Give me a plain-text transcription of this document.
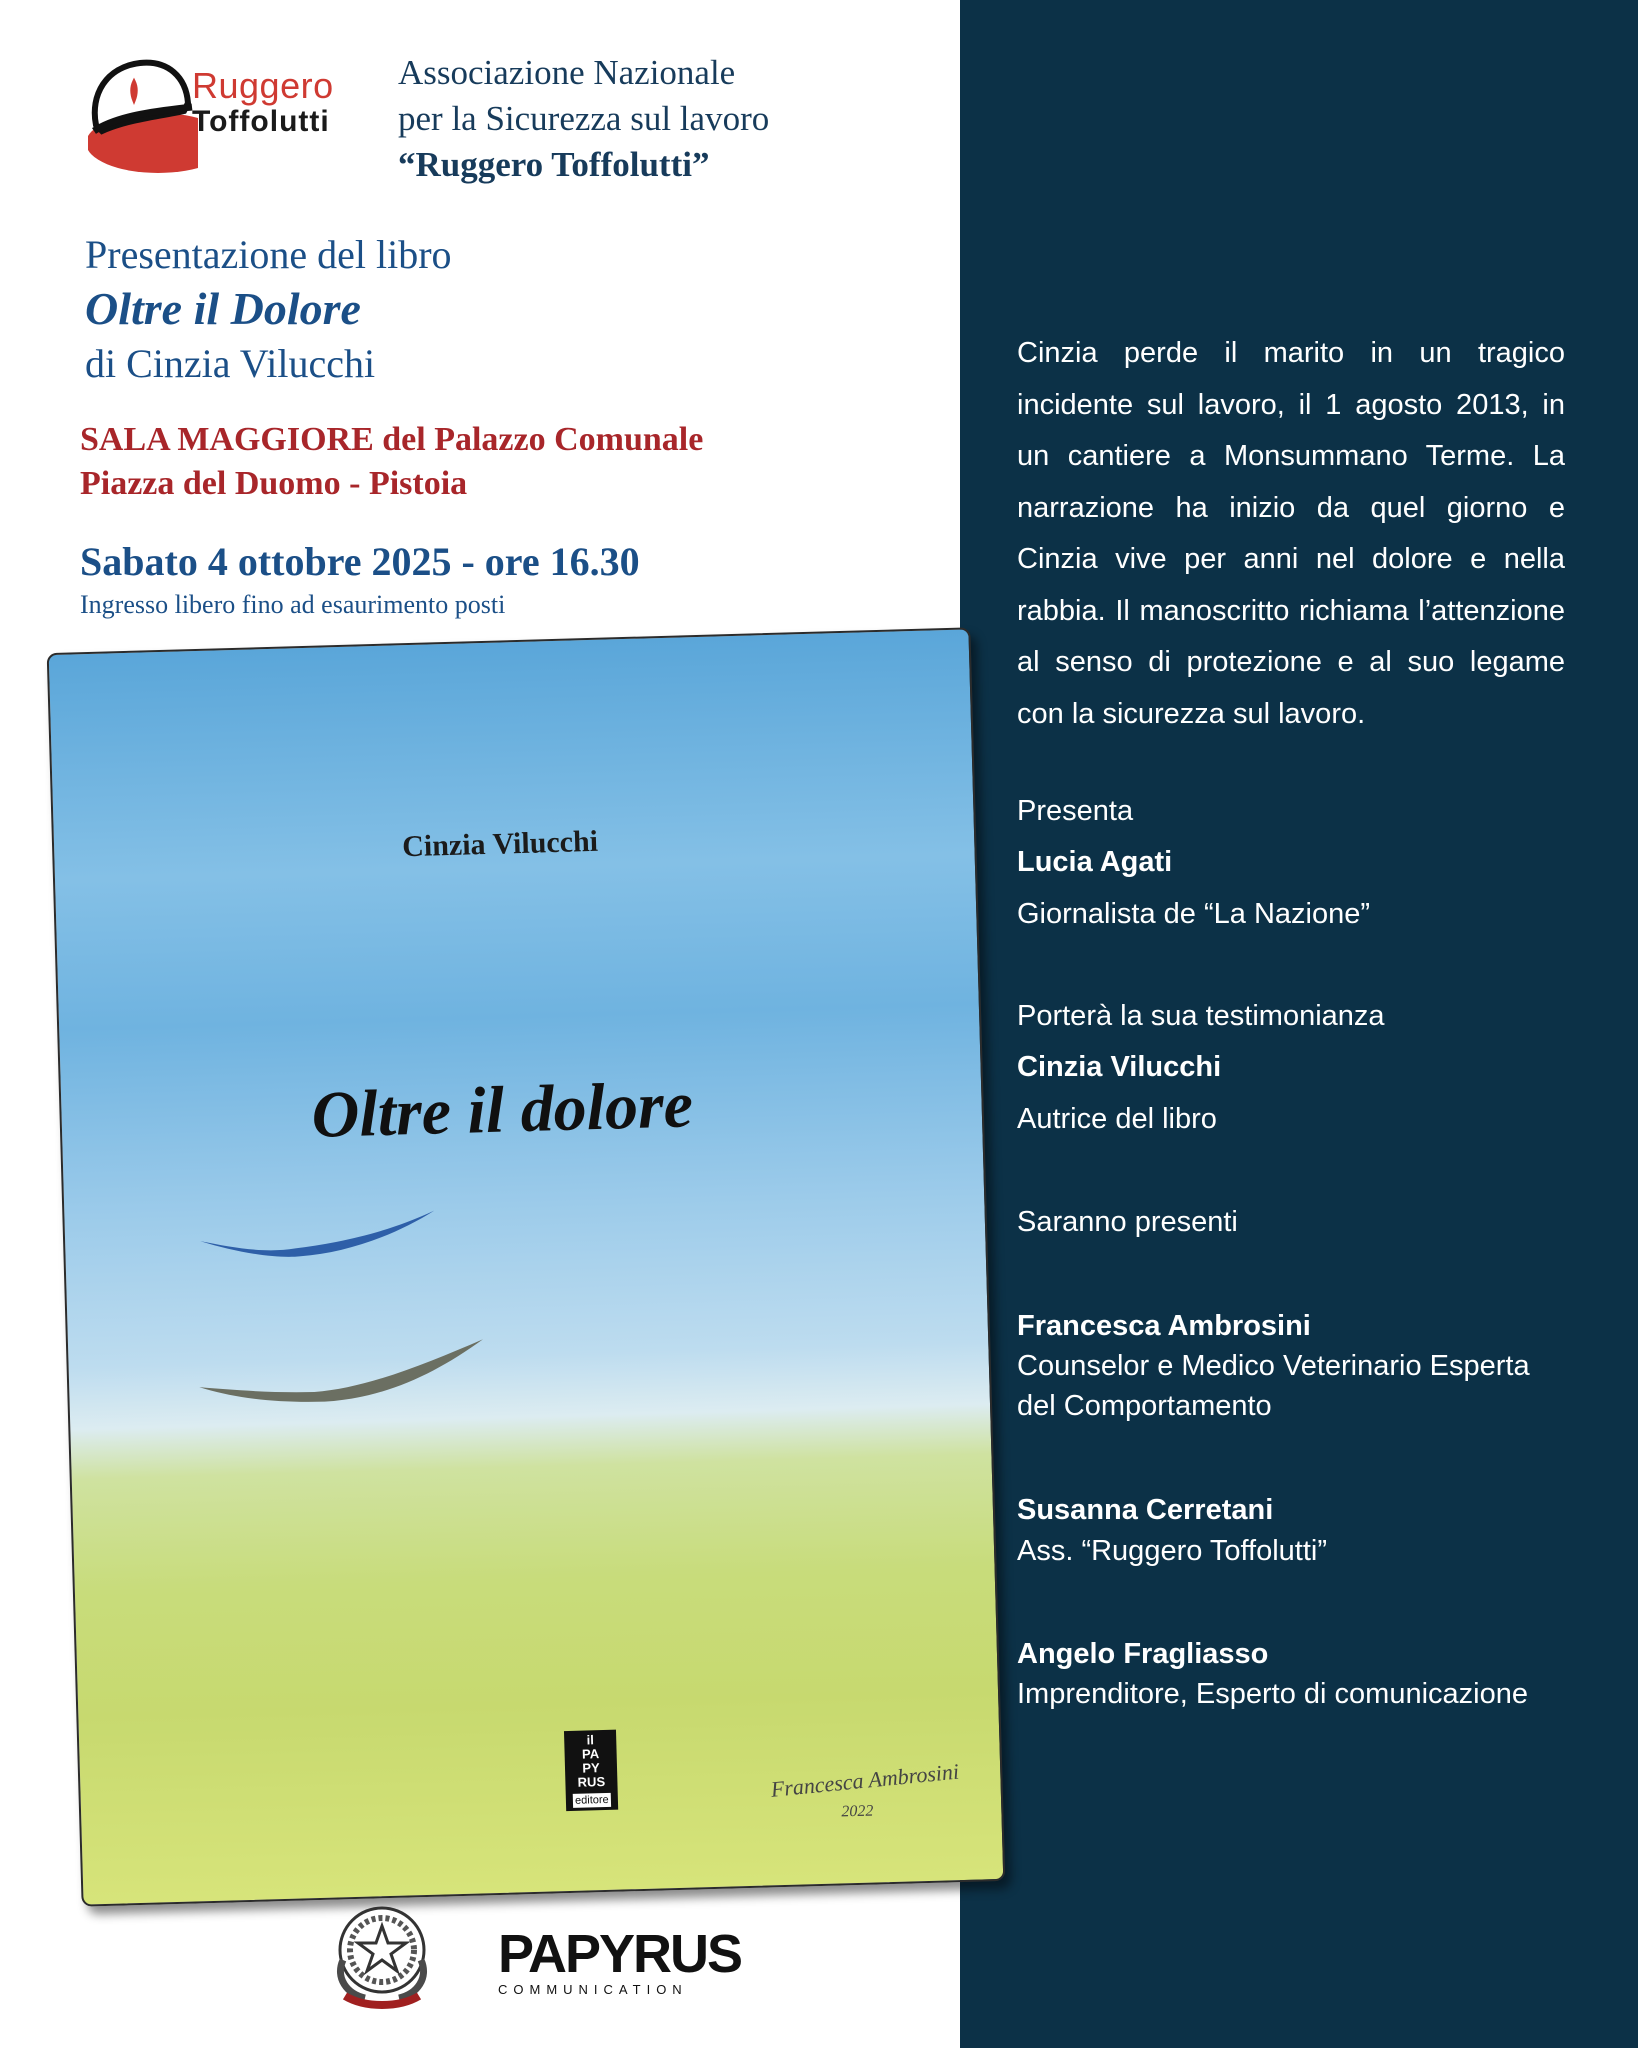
Ruggero
Toffolutti
Associazione Nazionale
per la Sicurezza sul lavoro
“Ruggero Toffolutti”
Presentazione del libro
Oltre il Dolore
di Cinzia Vilucchi
SALA MAGGIORE del Palazzo Comunale
Piazza del Duomo - Pistoia
Sabato 4 ottobre 2025 - ore 16.30
Ingresso libero fino ad esaurimento posti
Cinzia Vilucchi
Oltre il dolore
il
PA
PY
RUS
editore	Francesca Ambrosini
2022
PAPYRUS
COMMUNICATION
Cinzia perde il marito in un tragico incidente sul lavoro, il 1 agosto 2013, in un cantiere a Monsummano Terme. La narrazione ha inizio da quel giorno e Cinzia vive per anni nel dolore e nella rabbia. Il manoscritto richiama l’attenzione al senso di protezione e al suo legame con la sicurezza sul lavoro.
Presenta
Lucia Agati
Giornalista de “La Nazione”
Porterà la sua testimonianza
Cinzia Vilucchi
Autrice del libro
Saranno presenti
Francesca Ambrosini
Counselor e Medico Veterinario Esperta
del Comportamento
Susanna Cerretani
Ass. “Ruggero Toffolutti”
Angelo Fragliasso
Imprenditore, Esperto di comunicazione
